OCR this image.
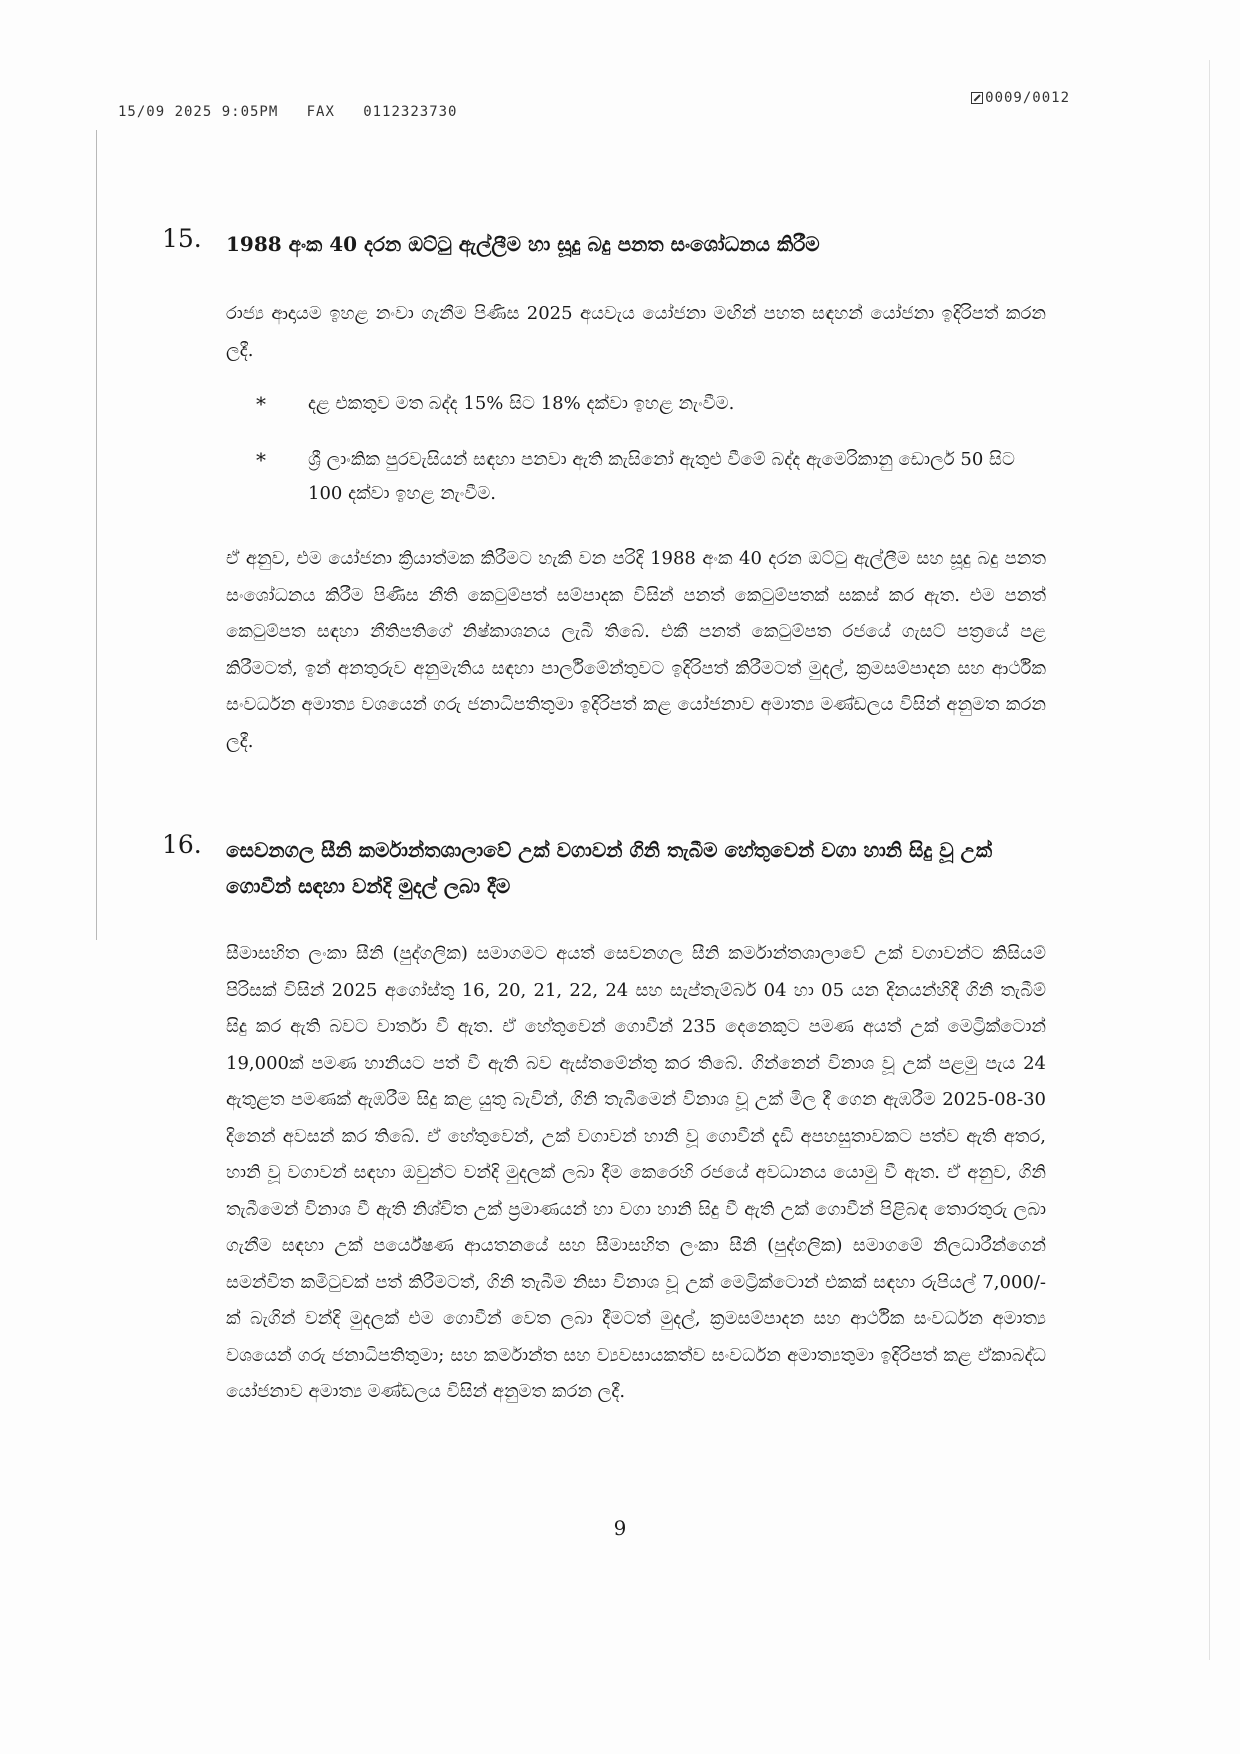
15/09 2025 9:05PM FAX 0112323730
0009/0012
15. 1988 අංක 40 දරන ඔට්ටු ඇල්ලීම හා සූදු බදු පනත සංශෝධනය කිරීම

රාජ්‍ය ආදායම ඉහළ නංවා ගැනීම පිණිස 2025 අයවැය යෝජනා මඟින් පහත සඳහන් යෝජනා ඉදිරිපත් කරන ලදී.

* දළ එකතුව මත බද්ද 15% සිට 18% දක්වා ඉහළ නැංවීම.
* ශ්‍රී ලාංකික පුරවැසියන් සඳහා පනවා ඇති කැසිනෝ ඇතුළු වීමේ බද්ද ඇමෙරිකානු ඩොලර් 50 සිට 100 දක්වා ඉහළ නැංවීම.

ඒ අනුව, එම යෝජනා ක්‍රියාත්මක කිරීමට හැකි වන පරිදි 1988 අංක 40 දරන ඔට්ටු ඇල්ලීම සහ සූදු බදු පනත සංශෝධනය කිරීම පිණිස නීති කෙටුම්පත් සම්පාදක විසින් පනත් කෙටුම්පතක් සකස් කර ඇත. එම පනත් කෙටුම්පත සඳහා නීතිපතිගේ නිෂ්කාශනය ලැබී තිබේ. එකී පනත් කෙටුම්පත රජයේ ගැසට් පත්‍රයේ පළ කිරීමටත්, ඉන් අනතුරුව අනුමැතිය සඳහා පාර්ලිමේන්තුවට ඉදිරිපත් කිරීමටත් මුදල්, ක්‍රමසම්පාදන සහ ආර්ථික සංවර්ධන අමාත්‍ය වශයෙන් ගරු ජනාධිපතිතුමා ඉදිරිපත් කළ යෝජනාව අමාත්‍ය මණ්ඩලය විසින් අනුමත කරන ලදී.

16. සෙවනගල සීනි කර්මාන්තශාලාවේ උක් වගාවන් ගිනි තැබීම හේතුවෙන් වගා හානි සිදු වූ උක් ගොවීන් සඳහා වන්දි මුදල් ලබා දීම

සීමාසහිත ලංකා සීනි (පුද්ගලික) සමාගමට අයත් සෙවනගල සීනි කර්මාන්තශාලාවේ උක් වගාවන්ට කිසියම් පිරිසක් විසින් 2025 අගෝස්තු 16, 20, 21, 22, 24 සහ සැප්තැම්බර් 04 හා 05 යන දිනයන්හිදී ගිනි තැබීම් සිදු කර ඇති බවට වාර්තා වී ඇත. ඒ හේතුවෙන් ගොවීන් 235 දෙනෙකුට පමණ අයත් උක් මෙට්‍රික්ටොන් 19,000ක් පමණ හානියට පත් වී ඇති බව ඇස්තමේන්තු කර තිබේ. ගින්නෙන් විනාශ වූ උක් පළමු පැය 24 ඇතුළත පමණක් ඇඹරීම සිදු කළ යුතු බැවින්, ගිනි තැබීමෙන් විනාශ වූ උක් මිල දී ගෙන ඇඹරීම 2025-08-30 දිනෙන් අවසන් කර තිබේ. ඒ හේතුවෙන්, උක් වගාවන් හානි වූ ගොවීන් දැඩි අපහසුතාවකට පත්ව ඇති අතර, හානි වූ වගාවන් සඳහා ඔවුන්ට වන්දි මුදලක් ලබා දීම කෙරෙහි රජයේ අවධානය යොමු වී ඇත. ඒ අනුව, ගිනි තැබීමෙන් විනාශ වී ඇති නිශ්චිත උක් ප්‍රමාණයන් හා වගා හානි සිදු වී ඇති උක් ගොවීන් පිළිබඳ තොරතුරු ලබා ගැනීම සඳහා උක් පර්යේෂණ ආයතනයේ සහ සීමාසහිත ලංකා සීනි (පුද්ගලික) සමාගමේ නිලධාරීන්ගෙන් සමන්විත කමිටුවක් පත් කිරීමටත්, ගිනි තැබීම නිසා විනාශ වූ උක් මෙට්‍රික්ටොන් එකක් සඳහා රුපියල් 7,000/-ක් බැගින් වන්දි මුදලක් එම ගොවීන් වෙත ලබා දීමටත් මුදල්, ක්‍රමසම්පාදන සහ ආර්ථික සංවර්ධන අමාත්‍ය වශයෙන් ගරු ජනාධිපතිතුමා; සහ කර්මාන්ත සහ ව්‍යවසායකත්ව සංවර්ධන අමාත්‍යතුමා ඉදිරිපත් කළ ඒකාබද්ධ යෝජනාව අමාත්‍ය මණ්ඩලය විසින් අනුමත කරන ලදී.

9
